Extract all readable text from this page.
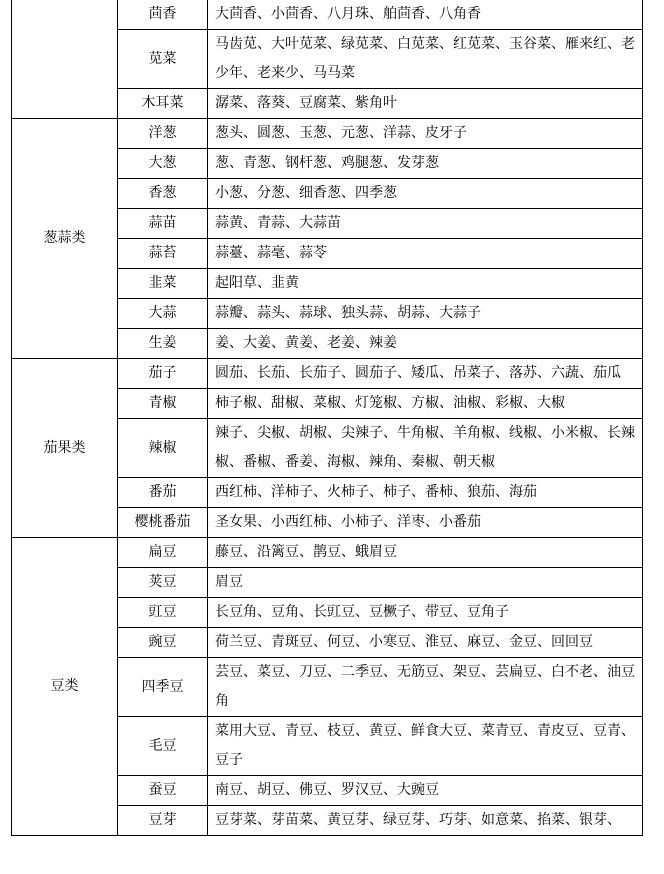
	茴香	大茴香、小茴香、八月珠、舶茴香、八角香
	苋菜	马齿苋、大叶苋菜、绿苋菜、白苋菜、红苋菜、玉谷菜、雁来红、老少年、老来少、马马菜
	木耳菜	潺菜、落葵、豆腐菜、紫角叶
葱蒜类	洋葱	葱头、圆葱、玉葱、元葱、洋蒜、皮牙子
	大葱	葱、青葱、钢杆葱、鸡腿葱、发芽葱
	香葱	小葱、分葱、细香葱、四季葱
	蒜苗	蒜黄、青蒜、大蒜苗
	蒜苔	蒜薹、蒜毫、蒜苓
	韭菜	起阳草、韭黄
	大蒜	蒜瓣、蒜头、蒜球、独头蒜、胡蒜、大蒜子
	生姜	姜、大姜、黄姜、老姜、辣姜
茄果类	茄子	圆茄、长茄、长茄子、圆茄子、矮瓜、吊菜子、落苏、六蔬、茄瓜
	青椒	柿子椒、甜椒、菜椒、灯笼椒、方椒、油椒、彩椒、大椒
	辣椒	辣子、尖椒、胡椒、尖辣子、牛角椒、羊角椒、线椒、小米椒、长辣椒、番椒、番姜、海椒、辣角、秦椒、朝天椒
	番茄	西红柿、洋柿子、火柿子、柿子、番柿、狼茄、海茄
	樱桃番茄	圣女果、小西红柿、小柿子、洋枣、小番茄
豆类	扁豆	藤豆、沿篱豆、鹊豆、蛾眉豆
	荚豆	眉豆
	豇豆	长豆角、豆角、长豇豆、豆橛子、带豆、豆角子
	豌豆	荷兰豆、青斑豆、何豆、小寒豆、淮豆、麻豆、金豆、回回豆
	四季豆	芸豆、菜豆、刀豆、二季豆、无筋豆、架豆、芸扁豆、白不老、油豆角
	毛豆	菜用大豆、青豆、枝豆、黄豆、鲜食大豆、菜青豆、青皮豆、豆青、豆子
	蚕豆	南豆、胡豆、佛豆、罗汉豆、大豌豆
	豆芽	豆芽菜、芽苗菜、黄豆芽、绿豆芽、巧芽、如意菜、掐菜、银芽、
